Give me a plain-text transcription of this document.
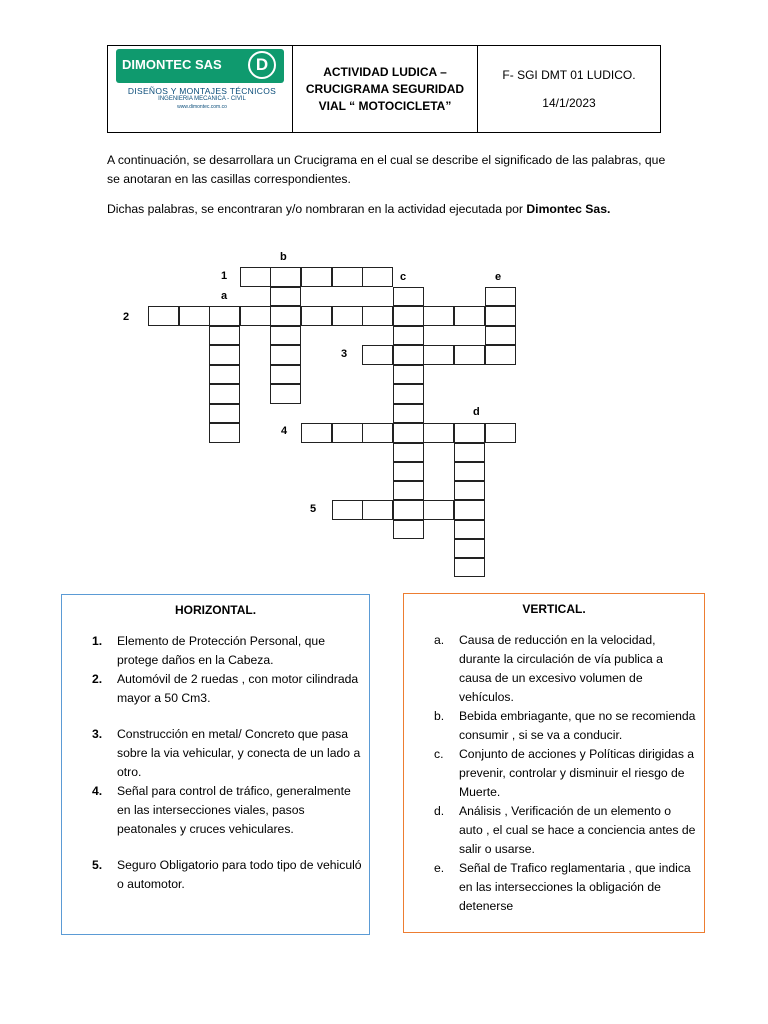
DIMONTEC SAS	D
DISEÑOS Y MONTAJES TÉCNICOS
INGENIERIA MECANICA - CIVIL
www.dimontec.com.co
ACTIVIDAD LUDICA –
CRUCIGRAMA SEGURIDAD
VIAL “ MOTOCICLETA”
F- SGI DMT 01 LUDICO.
14/1/2023
A continuación, se desarrollara un Crucigrama en el cual se describe el significado de las palabras, que se anotaran en las casillas correspondientes.
Dichas palabras, se encontraran y/o nombraran en la actividad ejecutada por Dimontec Sas.
b
1	c	e
a
2
3
d
4
5
HORIZONTAL.
1.	Elemento de Protección Personal, que protege daños en la Cabeza.
2.	Automóvil de 2 ruedas , con motor cilindrada mayor a 50 Cm3.
3.	Construcción en metal/ Concreto que pasa sobre la via vehicular, y conecta de un lado a otro.
4.	Señal para control de tráfico, generalmente en las intersecciones viales, pasos peatonales y cruces vehiculares.
5.	Seguro Obligatorio para todo tipo de vehiculó o automotor.
VERTICAL.
a.	Causa de reducción en la velocidad, durante la circulación de vía publica a causa de un excesivo volumen de vehículos.
b.	Bebida embriagante, que no se recomienda consumir , si se va a conducir.
c.	Conjunto de acciones y Políticas dirigidas a prevenir, controlar y disminuir el riesgo de Muerte.
d.	Análisis , Verificación de un elemento o auto , el cual se hace a conciencia antes de salir o usarse.
e.	Señal de Trafico reglamentaria , que indica en las intersecciones la obligación de detenerse
